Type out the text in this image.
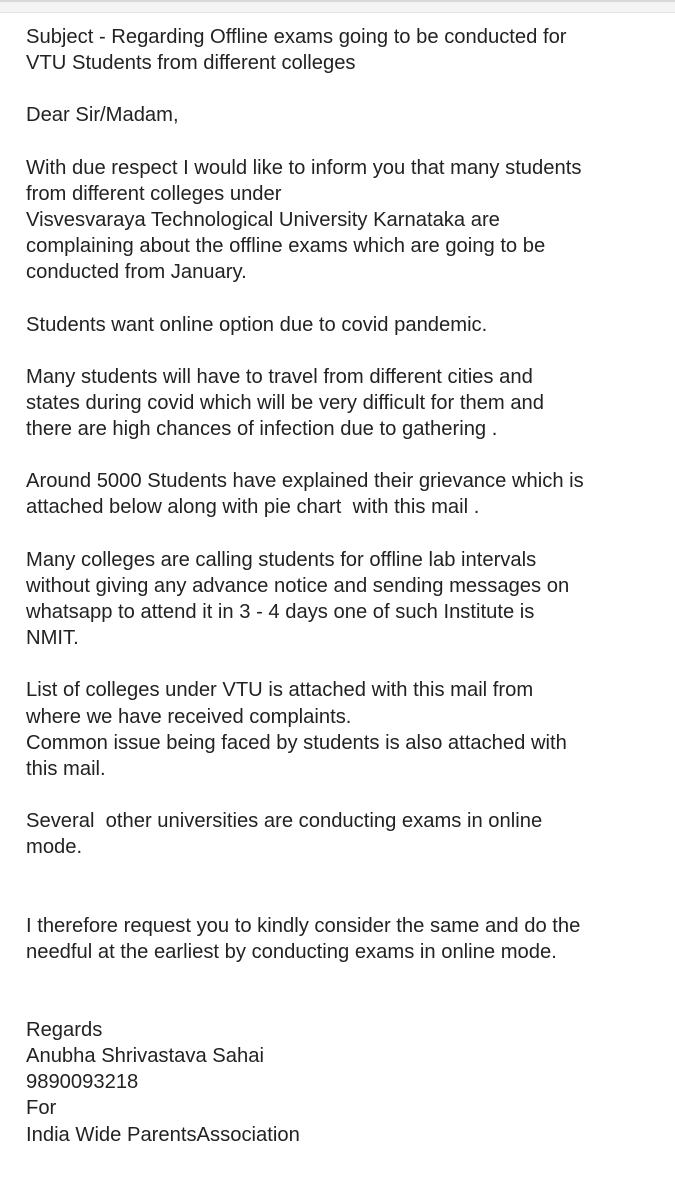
Subject - Regarding Offline exams going to be conducted for
VTU Students from different colleges
Dear Sir/Madam,
With due respect I would like to inform you that many students
from different colleges under
Visvesvaraya Technological University Karnataka are
complaining about the offline exams which are going to be
conducted from January.
Students want online option due to covid pandemic.
Many students will have to travel from different cities and
states during covid which will be very difficult for them and
there are high chances of infection due to gathering .
Around 5000 Students have explained their grievance which is
attached below along with pie chart  with this mail .
Many colleges are calling students for offline lab intervals
without giving any advance notice and sending messages on
whatsapp to attend it in 3 - 4 days one of such Institute is
NMIT.
List of colleges under VTU is attached with this mail from
where we have received complaints.
Common issue being faced by students is also attached with
this mail.
Several  other universities are conducting exams in online
mode.
I therefore request you to kindly consider the same and do the
needful at the earliest by conducting exams in online mode.
Regards
Anubha Shrivastava Sahai
9890093218
For
India Wide ParentsAssociation
